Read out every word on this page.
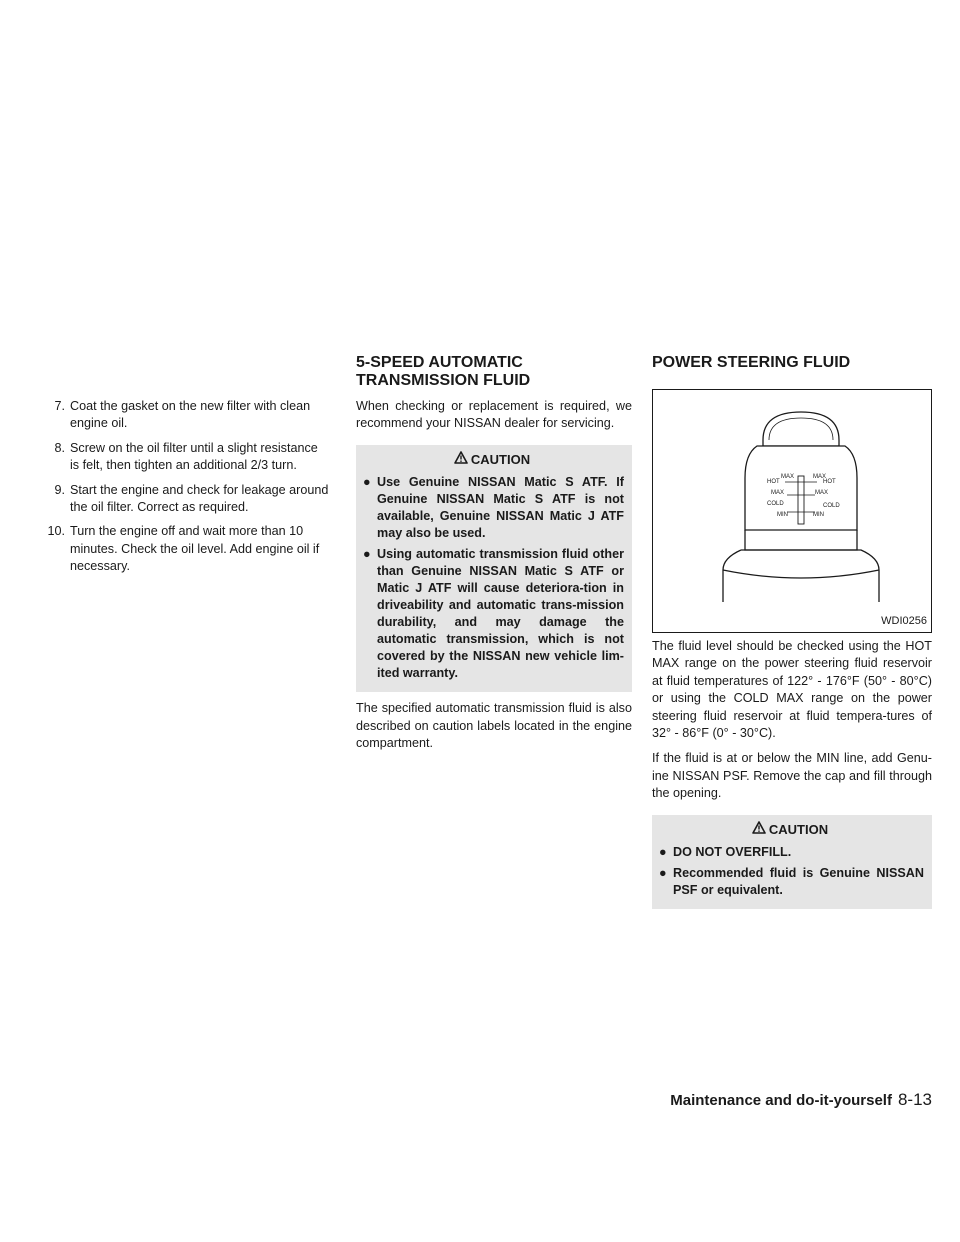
7. Coat the gasket on the new filter with clean engine oil.
8. Screw on the oil filter until a slight resistance is felt, then tighten an additional 2/3 turn.
9. Start the engine and check for leakage around the oil filter. Correct as required.
10. Turn the engine off and wait more than 10 minutes. Check the oil level. Add engine oil if necessary.
5-SPEED AUTOMATIC
TRANSMISSION FLUID

When checking or replacement is required, we recommend your NISSAN dealer for servicing.

CAUTION
● Use Genuine NISSAN Matic S ATF. If Genuine NISSAN Matic S ATF is not available, Genuine NISSAN Matic J ATF may also be used.
● Using automatic transmission fluid other than Genuine NISSAN Matic S ATF or Matic J ATF will cause deteriora-tion in driveability and automatic trans-mission durability, and may damage the automatic transmission, which is not covered by the NISSAN new vehicle lim-ited warranty.

The specified automatic transmission fluid is also described on caution labels located in the engine compartment.

POWER STEERING FLUID
HOT
MAX	MAX
HOT
MAX	MAX
COLD	COLD
MIN	MIN
WDI0256

The fluid level should be checked using the HOT MAX range on the power steering fluid reservoir at fluid temperatures of 122° - 176°F (50° - 80°C) or using the COLD MAX range on the power steering fluid reservoir at fluid tempera-tures of 32° - 86°F (0° - 30°C).

If the fluid is at or below the MIN line, add Genu-ine NISSAN PSF. Remove the cap and fill through the opening.

CAUTION
● DO NOT OVERFILL.
● Recommended fluid is Genuine NISSAN PSF or equivalent.
Maintenance and do-it-yourself 8-13
